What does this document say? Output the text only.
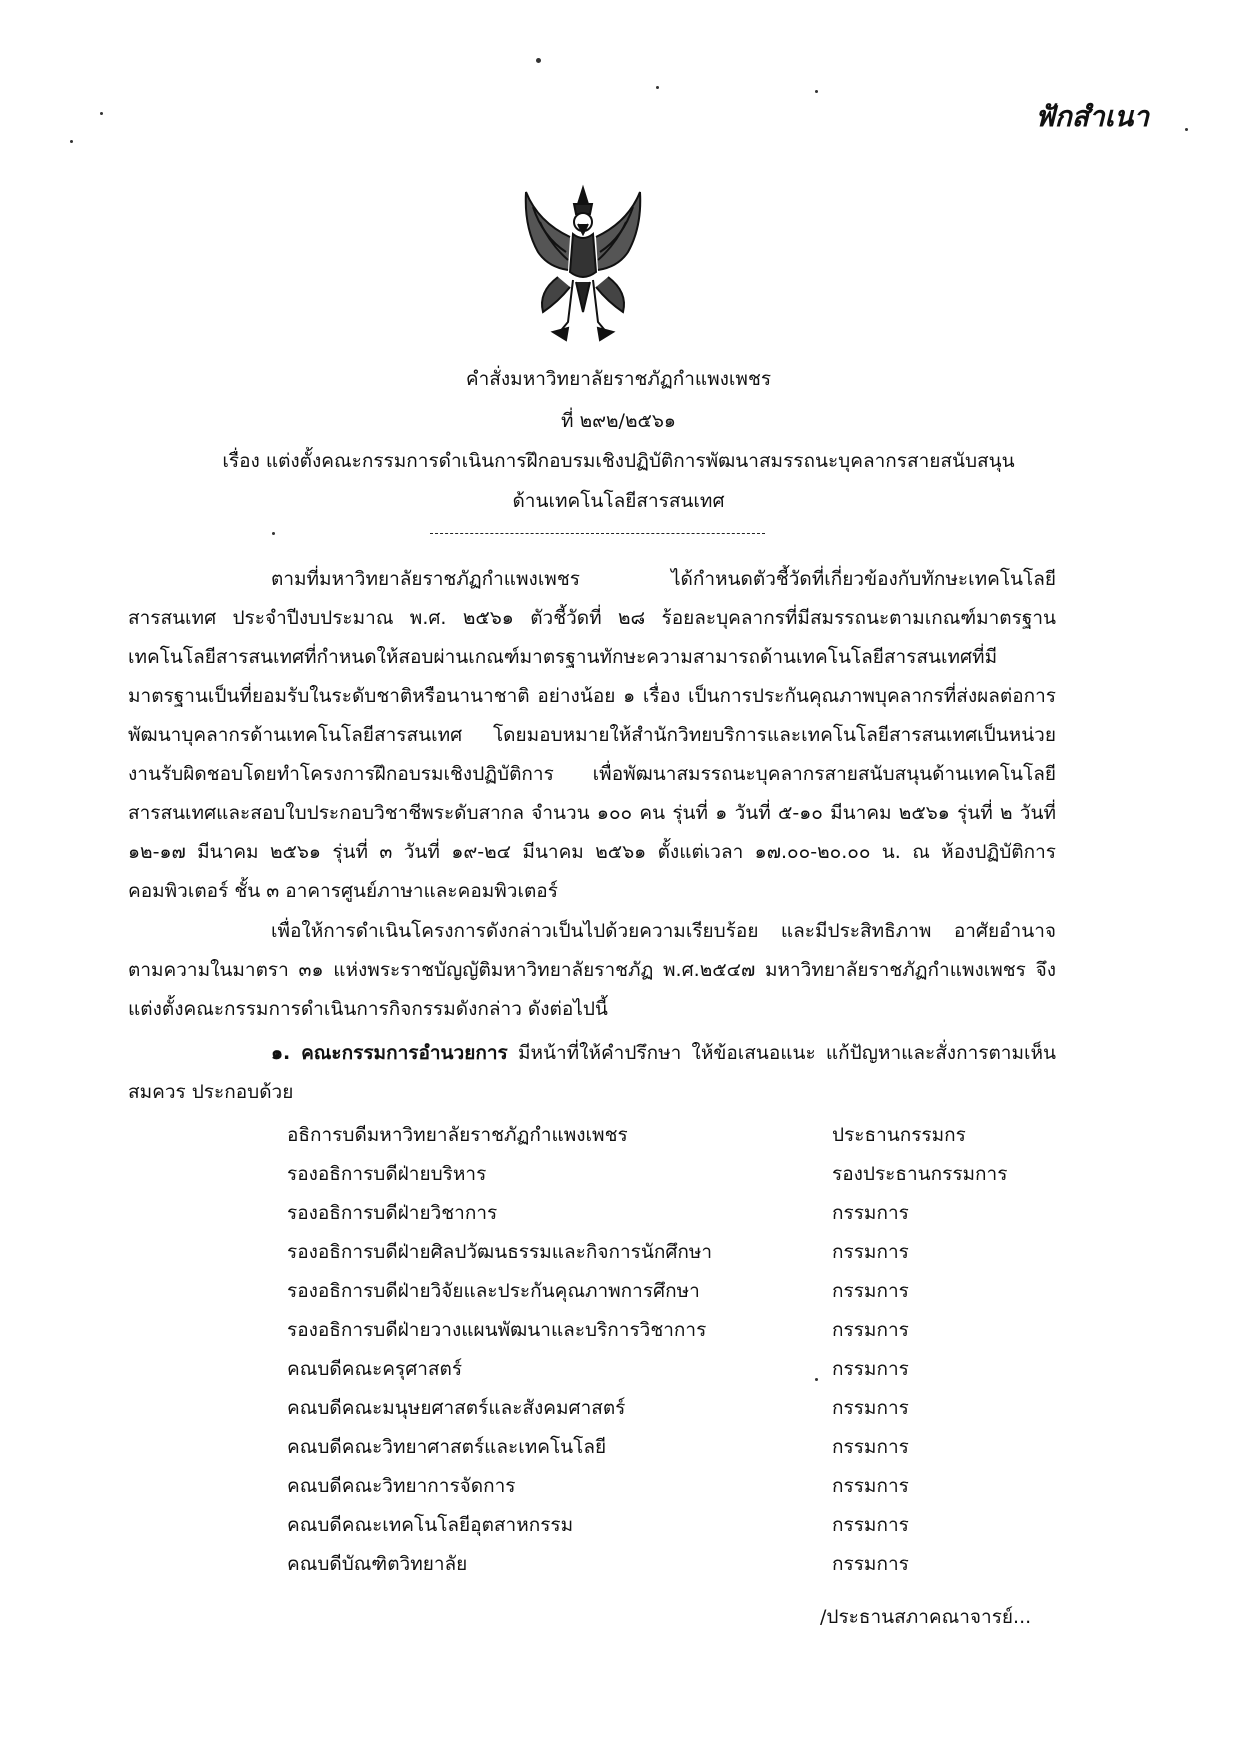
ฟักสำเนา
คำสั่งมหาวิทยาลัยราชภัฏกำแพงเพชร
ที่ ๒๙๒/๒๕๖๑
เรื่อง แต่งตั้งคณะกรรมการดำเนินการฝึกอบรมเชิงปฏิบัติการพัฒนาสมรรถนะบุคลากรสายสนับสนุน
ด้านเทคโนโลยีสารสนเทศ

ตามที่มหาวิทยาลัยราชภัฏกำแพงเพชร ได้กำหนดตัวชี้วัดที่เกี่ยวข้องกับทักษะเทคโนโลยีสารสนเทศ ประจำปีงบประมาณ พ.ศ. ๒๕๖๑ ตัวชี้วัดที่ ๒๘ ร้อยละบุคลากรที่มีสมรรถนะตามเกณฑ์มาตรฐานเทคโนโลยีสารสนเทศที่กำหนดให้สอบผ่านเกณฑ์มาตรฐานทักษะความสามารถด้านเทคโนโลยีสารสนเทศที่มีมาตรฐานเป็นที่ยอมรับในระดับชาติหรือนานาชาติ อย่างน้อย ๑ เรื่อง เป็นการประกันคุณภาพบุคลากรที่ส่งผลต่อการพัฒนาบุคลากรด้านเทคโนโลยีสารสนเทศ โดยมอบหมายให้สำนักวิทยบริการและเทคโนโลยีสารสนเทศเป็นหน่วยงานรับผิดชอบโดยทำโครงการฝึกอบรมเชิงปฏิบัติการ เพื่อพัฒนาสมรรถนะบุคลากรสายสนับสนุนด้านเทคโนโลยีสารสนเทศและสอบใบประกอบวิชาชีพระดับสากล จำนวน ๑๐๐ คน รุ่นที่ ๑ วันที่ ๕-๑๐ มีนาคม ๒๕๖๑ รุ่นที่ ๒ วันที่ ๑๒-๑๗ มีนาคม ๒๕๖๑ รุ่นที่ ๓ วันที่ ๑๙-๒๔ มีนาคม ๒๕๖๑ ตั้งแต่เวลา ๑๗.๐๐-๒๐.๐๐ น. ณ ห้องปฏิบัติการคอมพิวเตอร์ ชั้น ๓ อาคารศูนย์ภาษาและคอมพิวเตอร์

เพื่อให้การดำเนินโครงการดังกล่าวเป็นไปด้วยความเรียบร้อย และมีประสิทธิภาพ อาศัยอำนาจตามความในมาตรา ๓๑ แห่งพระราชบัญญัติมหาวิทยาลัยราชภัฏ พ.ศ.๒๕๔๗ มหาวิทยาลัยราชภัฏกำแพงเพชร จึงแต่งตั้งคณะกรรมการดำเนินการกิจกรรมดังกล่าว ดังต่อไปนี้

๑. คณะกรรมการอำนวยการ มีหน้าที่ให้คำปรึกษา ให้ข้อเสนอแนะ แก้ปัญหาและสั่งการตามเห็นสมควร ประกอบด้วย

อธิการบดีมหาวิทยาลัยราชภัฏกำแพงเพชร	ประธานกรรมกร
รองอธิการบดีฝ่ายบริหาร	รองประธานกรรมการ
รองอธิการบดีฝ่ายวิชาการ	กรรมการ
รองอธิการบดีฝ่ายศิลปวัฒนธรรมและกิจการนักศึกษา	กรรมการ
รองอธิการบดีฝ่ายวิจัยและประกันคุณภาพการศึกษา	กรรมการ
รองอธิการบดีฝ่ายวางแผนพัฒนาและบริการวิชาการ	กรรมการ
คณบดีคณะครุศาสตร์	กรรมการ
คณบดีคณะมนุษยศาสตร์และสังคมศาสตร์	กรรมการ
คณบดีคณะวิทยาศาสตร์และเทคโนโลยี	กรรมการ
คณบดีคณะวิทยาการจัดการ	กรรมการ
คณบดีคณะเทคโนโลยีอุตสาหกรรม	กรรมการ
คณบดีบัณฑิตวิทยาลัย	กรรมการ
/ประธานสภาคณาจารย์...
